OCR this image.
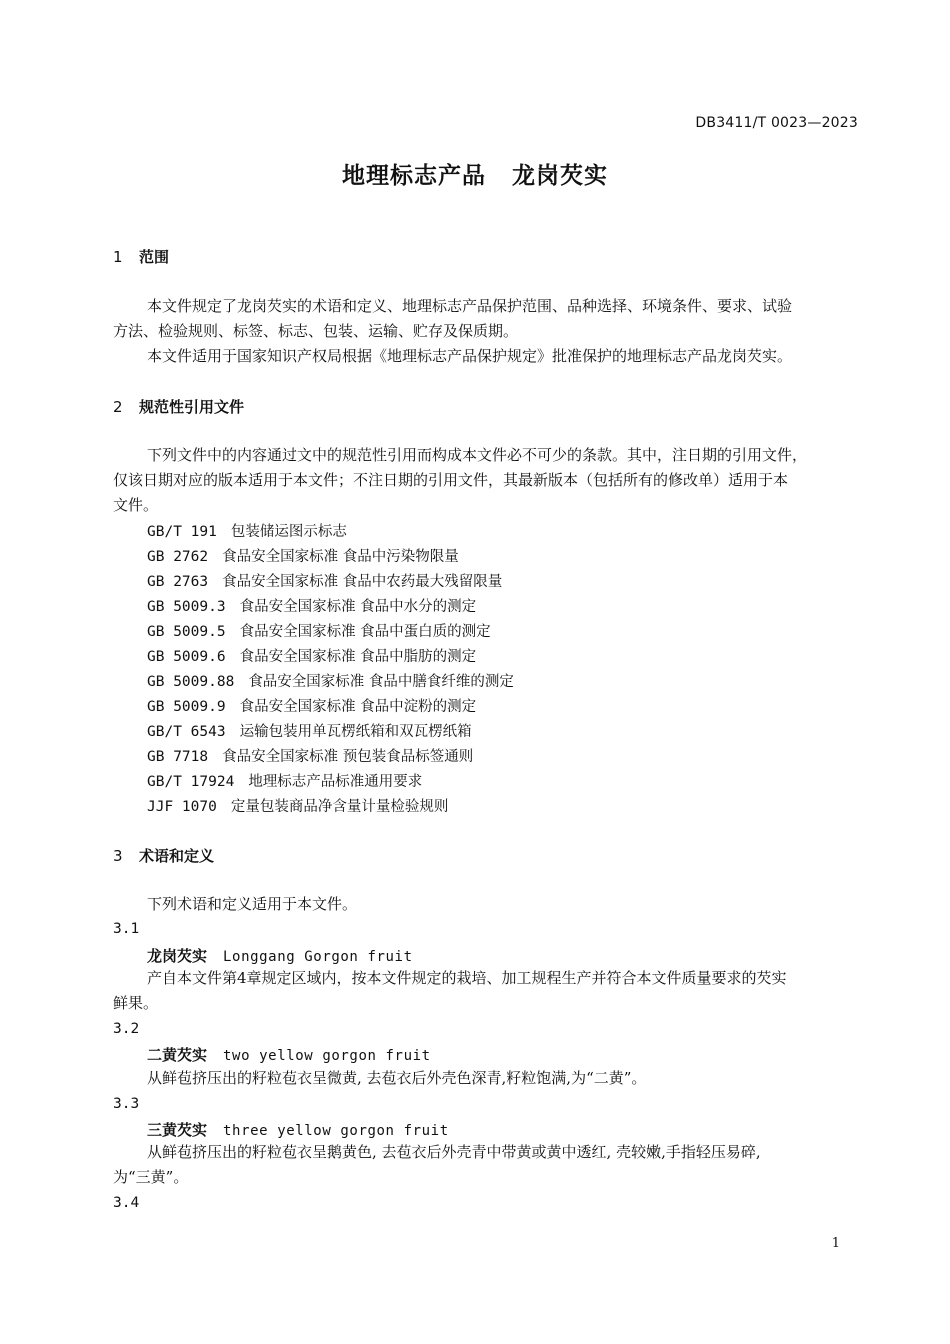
DB3411/T 0023—2023
地理标志产品 龙岗芡实
1 范围
本文件规定了龙岗芡实的术语和定义、地理标志产品保护范围、品种选择、环境条件、要求、试验
方法、检验规则、标签、标志、包装、运输、贮存及保质期。
本文件适用于国家知识产权局根据《地理标志产品保护规定》批准保护的地理标志产品龙岗芡实。
2 规范性引用文件
下列文件中的内容通过文中的规范性引用而构成本文件必不可少的条款。其中，注日期的引用文件，
仅该日期对应的版本适用于本文件；不注日期的引用文件，其最新版本（包括所有的修改单）适用于本
文件。
GB/T 191 包装储运图示标志
GB 2762 食品安全国家标准 食品中污染物限量
GB 2763 食品安全国家标准 食品中农药最大残留限量
GB 5009.3 食品安全国家标准 食品中水分的测定
GB 5009.5 食品安全国家标准 食品中蛋白质的测定
GB 5009.6 食品安全国家标准 食品中脂肪的测定
GB 5009.88 食品安全国家标准 食品中膳食纤维的测定
GB 5009.9 食品安全国家标准 食品中淀粉的测定
GB/T 6543 运输包装用单瓦楞纸箱和双瓦楞纸箱
GB 7718 食品安全国家标准 预包装食品标签通则
GB/T 17924 地理标志产品标准通用要求
JJF 1070 定量包装商品净含量计量检验规则
3 术语和定义
下列术语和定义适用于本文件。
3.1
龙岗芡实 Longgang Gorgon fruit
产自本文件第4章规定区域内，按本文件规定的栽培、加工规程生产并符合本文件质量要求的芡实
鲜果。
3.2
二黄芡实 two yellow gorgon fruit
从鲜苞挤压出的籽粒苞衣呈微黄, 去苞衣后外壳色深青,籽粒饱满,为“二黄”。
3.3
三黄芡实 three yellow gorgon fruit
从鲜苞挤压出的籽粒苞衣呈鹅黄色, 去苞衣后外壳青中带黄或黄中透红, 壳较嫩,手指轻压易碎,
为“三黄”。
3.4
1
